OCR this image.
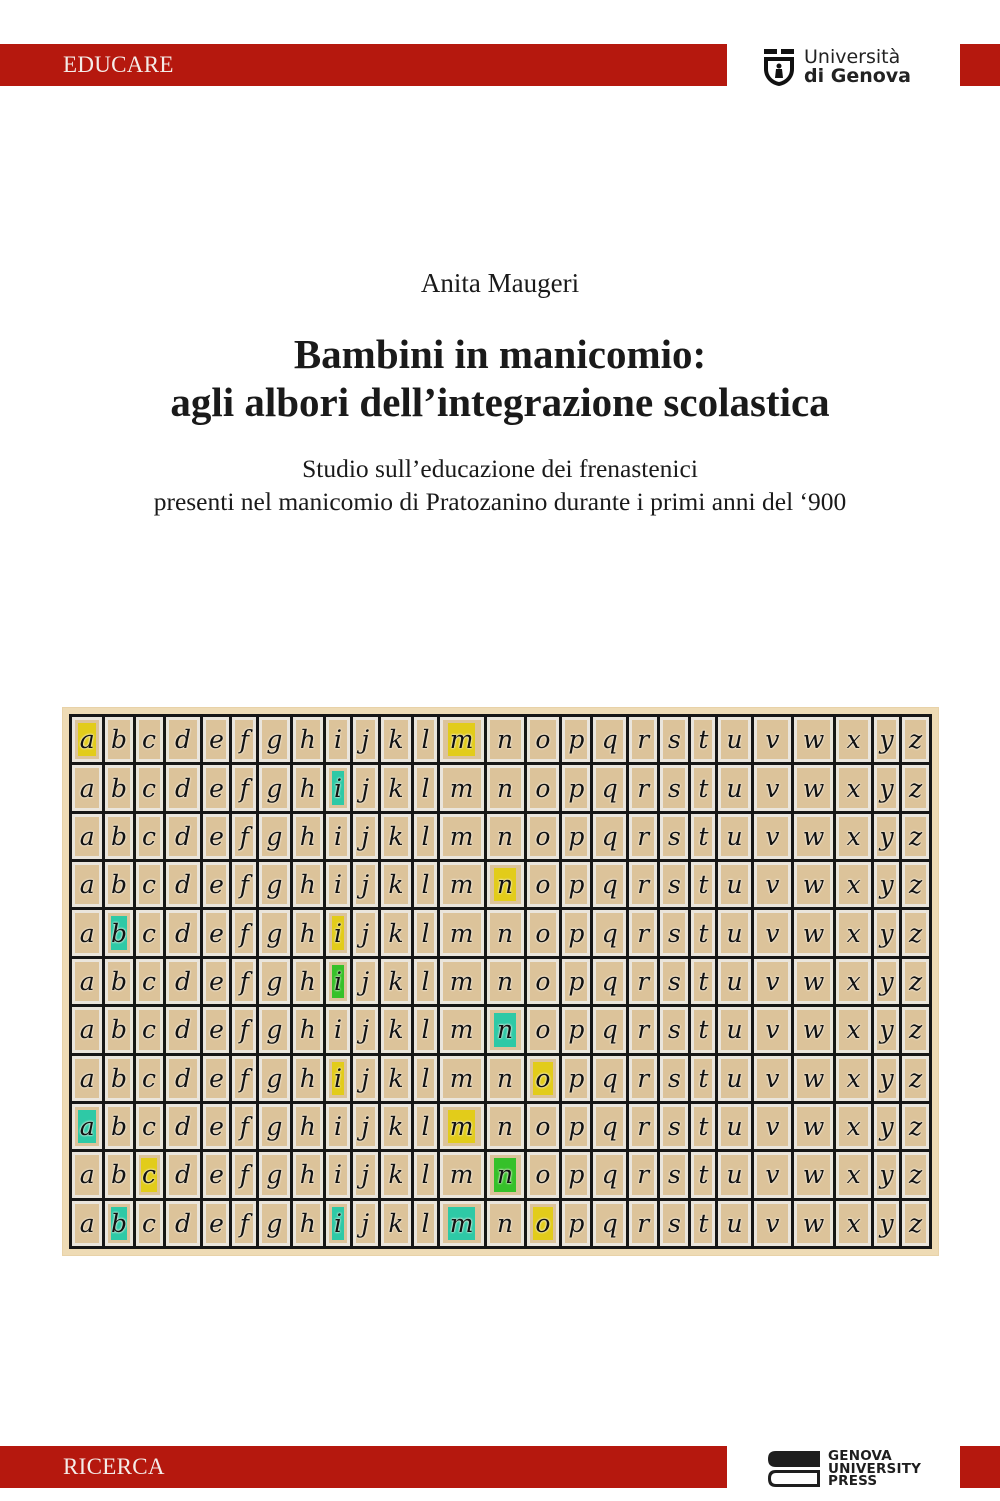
EDUCARE	Università
di Genova
Anita Maugeri
Bambini in manicomio:
agli albori dell’integrazione scolastica
Studio sull’educazione dei frenastenici
presenti nel manicomio di Pratozanino durante i primi anni del ‘900
a b c d e f g h i j k l m n o p q r s t u v w x y z
a b c d e f g h i j k l m n o p q r s t u v w x y z
a b c d e f g h i j k l m n o p q r s t u v w x y z
a b c d e f g h i j k l m n o p q r s t u v w x y z
a b c d e f g h i j k l m n o p q r s t u v w x y z
a b c d e f g h i j k l m n o p q r s t u v w x y z
a b c d e f g h i j k l m n o p q r s t u v w x y z
a b c d e f g h i j k l m n o p q r s t u v w x y z
a b c d e f g h i j k l m n o p q r s t u v w x y z
a b c d e f g h i j k l m n o p q r s t u v w x y z
a b c d e f g h i j k l m n o p q r s t u v w x y z
RICERCA	GENOVA
UNIVERSITY
PRESS
